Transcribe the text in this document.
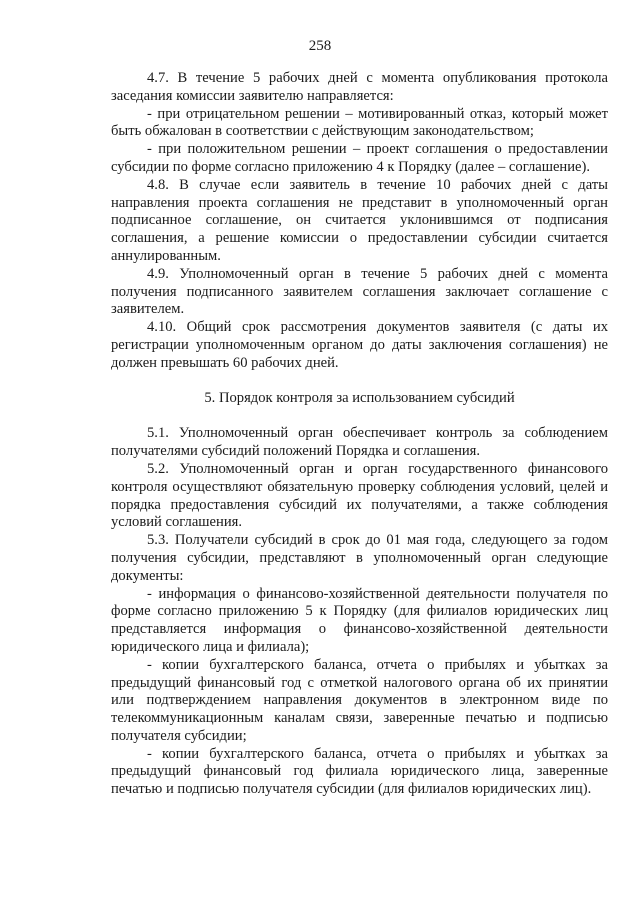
258

4.7. В течение 5 рабочих дней с момента опубликования протокола заседания комиссии заявителю направляется:

- при отрицательном решении – мотивированный отказ, который может быть обжалован в соответствии с действующим законодательством;

- при положительном решении – проект соглашения о предоставлении субсидии по форме согласно приложению 4 к Порядку (далее – соглашение).

4.8. В случае если заявитель в течение 10 рабочих дней с даты направления проекта соглашения не представит в уполномоченный орган подписанное соглашение, он считается уклонившимся от подписания соглашения, а решение комиссии о предоставлении субсидии считается аннулированным.

4.9. Уполномоченный орган в течение 5 рабочих дней с момента получения подписанного заявителем соглашения заключает соглашение с заявителем.

4.10. Общий срок рассмотрения документов заявителя (с даты их регистрации уполномоченным органом до даты заключения соглашения) не должен превышать 60 рабочих дней.

5. Порядок контроля за использованием субсидий

5.1. Уполномоченный орган обеспечивает контроль за соблюдением получателями субсидий положений Порядка и соглашения.

5.2. Уполномоченный орган и орган государственного финансового контроля осуществляют обязательную проверку соблюдения условий, целей и порядка предоставления субсидий их получателями, а также соблюдения условий соглашения.

5.3. Получатели субсидий в срок до 01 мая года, следующего за годом получения субсидии, представляют в уполномоченный орган следующие документы:

- информация о финансово-хозяйственной деятельности получателя по форме согласно приложению 5 к Порядку (для филиалов юридических лиц представляется информация о финансово-хозяйственной деятельности юридического лица и филиала);

- копии бухгалтерского баланса, отчета о прибылях и убытках за предыдущий финансовый год с отметкой налогового органа об их принятии или подтверждением направления документов в электронном виде по телекоммуникационным каналам связи, заверенные печатью и подписью получателя субсидии;

- копии бухгалтерского баланса, отчета о прибылях и убытках за предыдущий финансовый год филиала юридического лица, заверенные печатью и подписью получателя субсидии (для филиалов юридических лиц).
